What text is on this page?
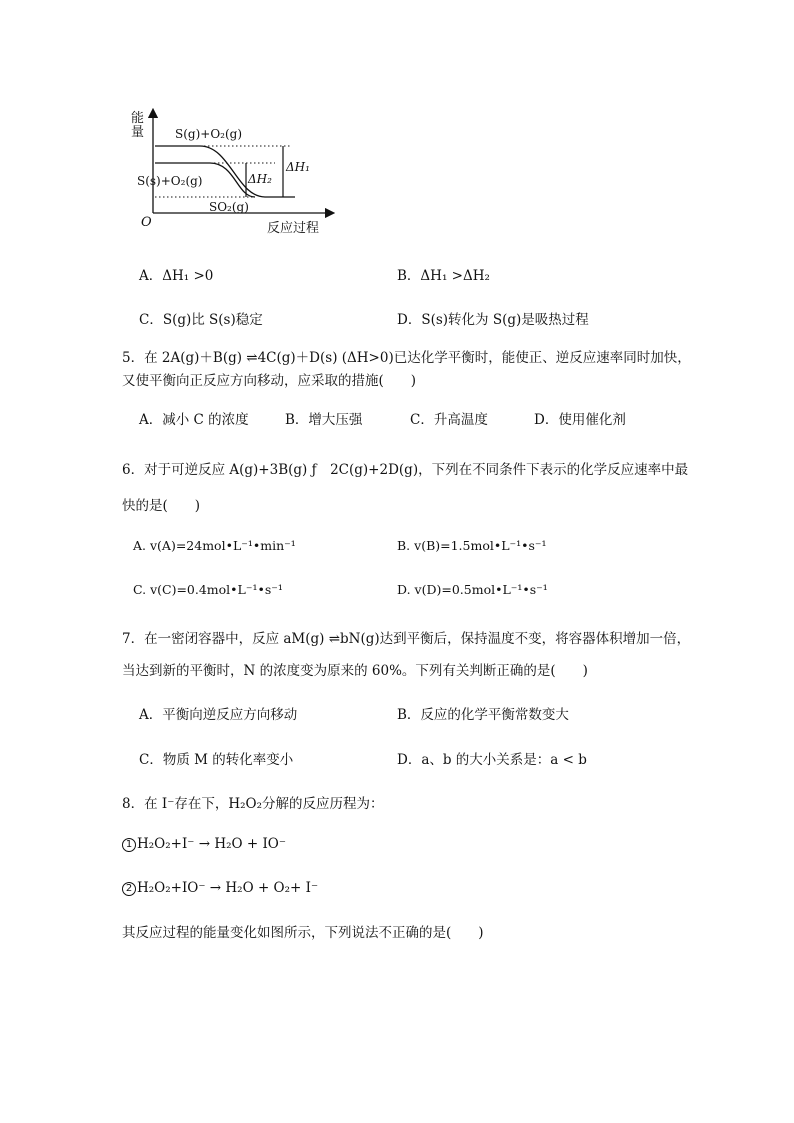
能
量
O	反应过程
S(g)+O₂(g)
S(s)+O₂(g)
SO₂(g)
ΔH₁
ΔH₂
A．ΔH₁ >0	B．ΔH₁ >ΔH₂
C．S(g)比 S(s)稳定	D．S(s)转化为 S(g)是吸热过程
5．在 2A(g)＋B(g) ⇌4C(g)＋D(s) (ΔH>0)已达化学平衡时，能使正、逆反应速率同时加快，
又使平衡向正反应方向移动，应采取的措施(　　)
A．减小 C 的浓度	B．增大压强	C．升高温度	D．使用催化剂
6．对于可逆反应 A(g)+3B(g) ƒ　2C(g)+2D(g)，下列在不同条件下表示的化学反应速率中最
快的是(　　)
A. v(A)=24mol•L⁻¹•min⁻¹	B. v(B)=1.5mol•L⁻¹•s⁻¹
C. v(C)=0.4mol•L⁻¹•s⁻¹	D. v(D)=0.5mol•L⁻¹•s⁻¹
7．在一密闭容器中，反应 aM(g) ⇌bN(g)达到平衡后，保持温度不变，将容器体积增加一倍，
当达到新的平衡时，N 的浓度变为原来的 60%。下列有关判断正确的是(　　)
A．平衡向逆反应方向移动	B．反应的化学平衡常数变大
C．物质 M 的转化率变小	D．a、b 的大小关系是：a < b
8．在 I⁻存在下，H₂O₂分解的反应历程为：
1 H₂O₂+I⁻ → H₂O + IO⁻
2 H₂O₂+IO⁻ → H₂O + O₂+ I⁻
其反应过程的能量变化如图所示，下列说法不正确的是(　　)
